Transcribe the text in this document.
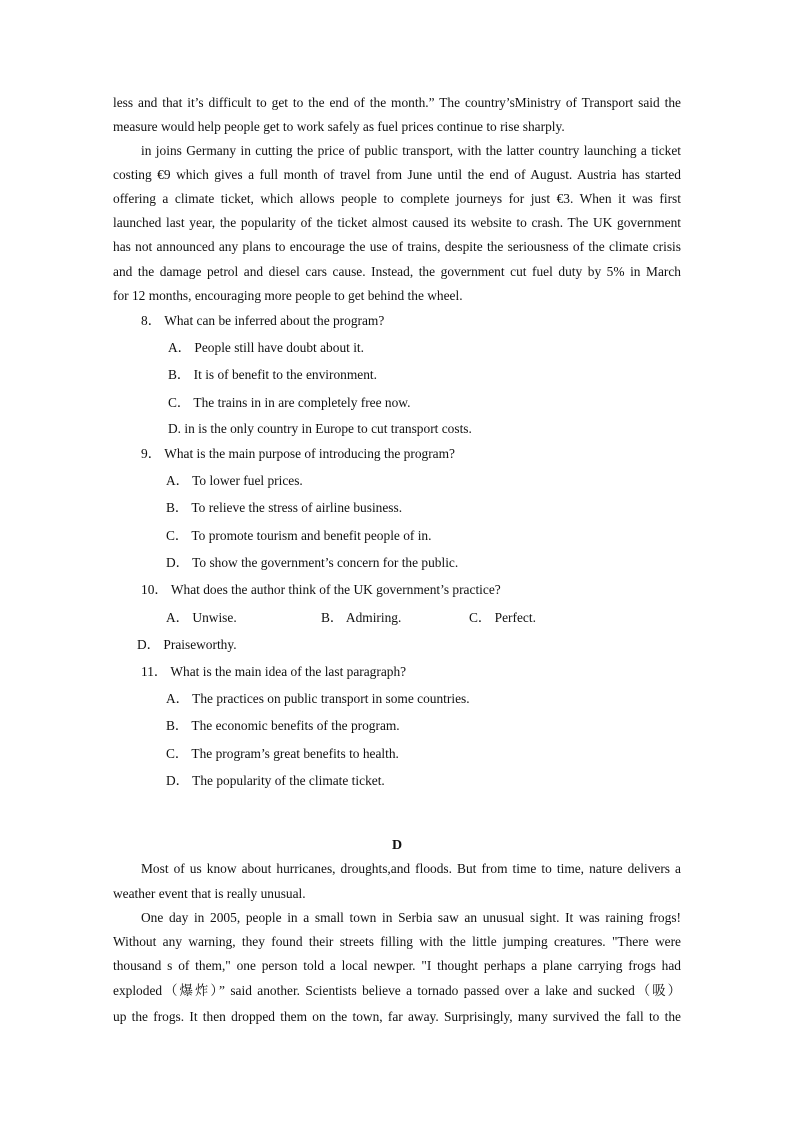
less and that it’s difficult to get to the end of the month.” The country’sMinistry of Transport said the
measure would help people get to work safely as fuel prices continue to rise sharply.
in joins Germany in cutting the price of public transport, with the latter country launching a ticket
costing €9 which gives a full month of travel from June until the end of August. Austria has started
offering a climate ticket, which allows people to complete journeys for just €3. When it was first
launched last year, the popularity of the ticket almost caused its website to crash. The UK government
has not announced any plans to encourage the use of trains, despite the seriousness of the climate crisis
and the damage petrol and diesel cars cause. Instead, the government cut fuel duty by 5% in March
for 12 months, encouraging more people to get behind the wheel.
8． What can be inferred about the program?
A． People still have doubt about it.
B． It is of benefit to the environment.
C． The trains in in are completely free now.
D. in is the only country in Europe to cut transport costs.
9． What is the main purpose of introducing the program?
A． To lower fuel prices.
B． To relieve the stress of airline business.
C． To promote tourism and benefit people of in.
D． To show the government’s concern for the public.
10． What does the author think of the UK government’s practice?
A． Unwise.	B． Admiring.	C． Perfect.
D． Praiseworthy.
11． What is the main idea of the last paragraph?
A． The practices on public transport in some countries.
B． The economic benefits of the program.
C． The program’s great benefits to health.
D． The popularity of the climate ticket.
D
Most of us know about hurricanes, droughts,and floods. But from time to time, nature delivers a
weather event that is really unusual.
One day in 2005, people in a small town in Serbia saw an unusual sight. It was raining frogs!
Without any warning, they found their streets filling with the little jumping creatures. "There were
thousand s of them," one person told a local newper. "I thought perhaps a plane carrying frogs had
exploded（爆炸）” said another. Scientists believe a tornado passed over a lake and sucked（吸）
up the frogs. It then dropped them on the town, far away. Surprisingly, many survived the fall to the
